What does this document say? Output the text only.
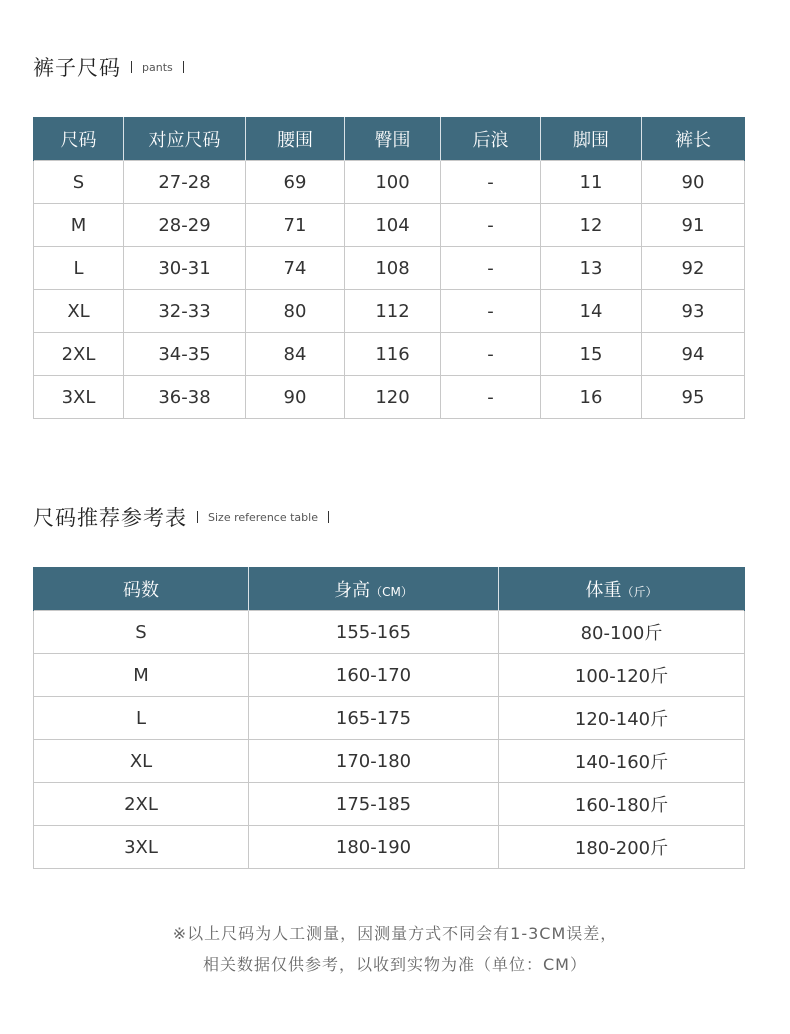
裤子尺码 pants
尺码	对应尺码	腰围	臀围	后浪	脚围	裤长
S	27-28	69	100	-	11	90
M	28-29	71	104	-	12	91
L	30-31	74	108	-	13	92
XL	32-33	80	112	-	14	93
2XL	34-35	84	116	-	15	94
3XL	36-38	90	120	-	16	95
尺码推荐参考表 Size reference table
码数	身高（CM）	体重（斤）
S	155-165	80-100斤
M	160-170	100-120斤
L	165-175	120-140斤
XL	170-180	140-160斤
2XL	175-185	160-180斤
3XL	180-190	180-200斤
※以上尺码为人工测量，因测量方式不同会有1-3CM误差，
相关数据仅供参考，以收到实物为准（单位：CM）
